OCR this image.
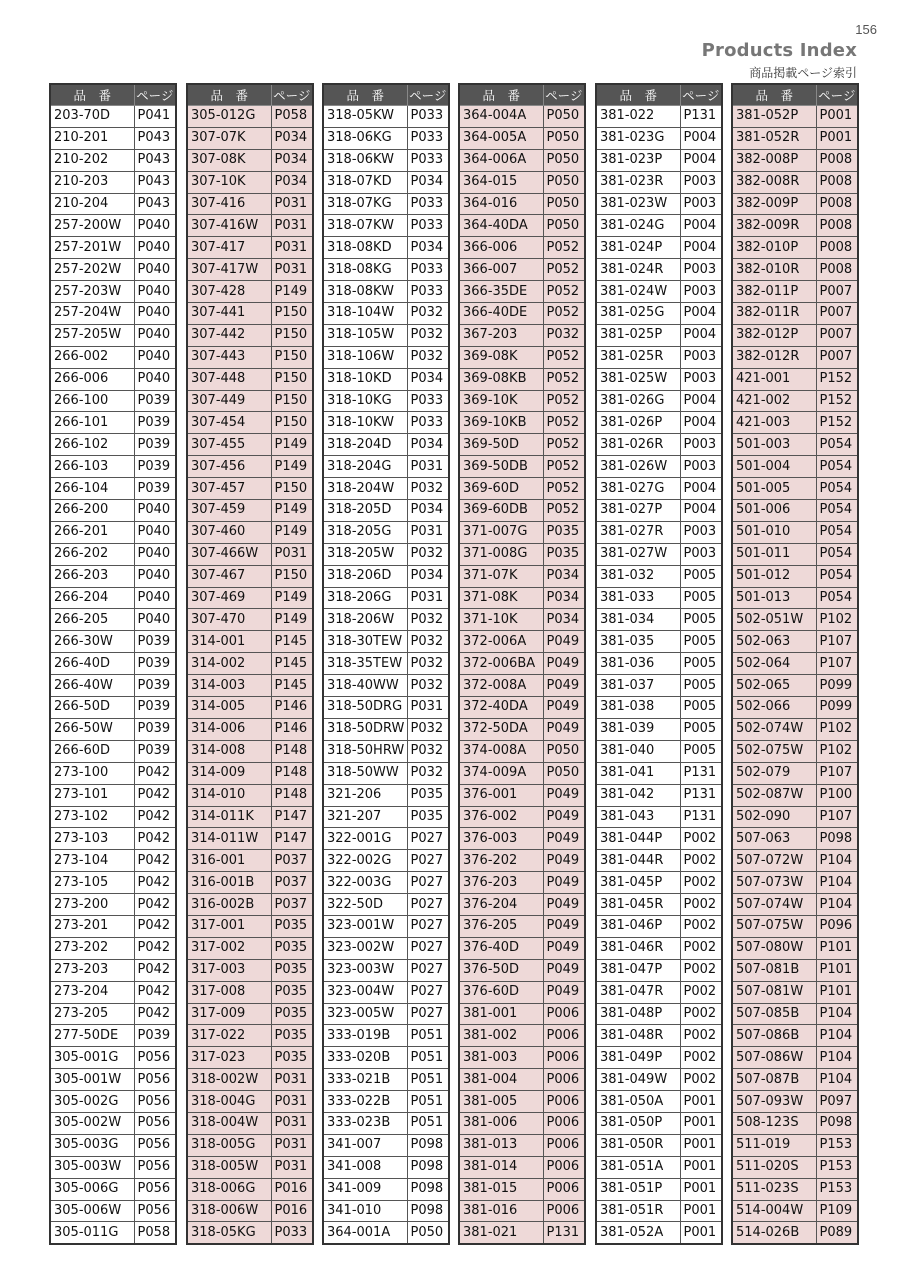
156
Products Index
商品掲載ページ索引
品　番	ページ
203-70D	P041
210-201	P043
210-202	P043
210-203	P043
210-204	P043
257-200W	P040
257-201W	P040
257-202W	P040
257-203W	P040
257-204W	P040
257-205W	P040
266-002	P040
266-006	P040
266-100	P039
266-101	P039
266-102	P039
266-103	P039
266-104	P039
266-200	P040
266-201	P040
266-202	P040
266-203	P040
266-204	P040
266-205	P040
266-30W	P039
266-40D	P039
266-40W	P039
266-50D	P039
266-50W	P039
266-60D	P039
273-100	P042
273-101	P042
273-102	P042
273-103	P042
273-104	P042
273-105	P042
273-200	P042
273-201	P042
273-202	P042
273-203	P042
273-204	P042
273-205	P042
277-50DE	P039
305-001G	P056
305-001W	P056
305-002G	P056
305-002W	P056
305-003G	P056
305-003W	P056
305-006G	P056
305-006W	P056
305-011G	P058
品　番	ページ
305-012G	P058
307-07K	P034
307-08K	P034
307-10K	P034
307-416	P031
307-416W	P031
307-417	P031
307-417W	P031
307-428	P149
307-441	P150
307-442	P150
307-443	P150
307-448	P150
307-449	P150
307-454	P150
307-455	P149
307-456	P149
307-457	P150
307-459	P149
307-460	P149
307-466W	P031
307-467	P150
307-469	P149
307-470	P149
314-001	P145
314-002	P145
314-003	P145
314-005	P146
314-006	P146
314-008	P148
314-009	P148
314-010	P148
314-011K	P147
314-011W	P147
316-001	P037
316-001B	P037
316-002B	P037
317-001	P035
317-002	P035
317-003	P035
317-008	P035
317-009	P035
317-022	P035
317-023	P035
318-002W	P031
318-004G	P031
318-004W	P031
318-005G	P031
318-005W	P031
318-006G	P016
318-006W	P016
318-05KG	P033
品　番	ページ
318-05KW	P033
318-06KG	P033
318-06KW	P033
318-07KD	P034
318-07KG	P033
318-07KW	P033
318-08KD	P034
318-08KG	P033
318-08KW	P033
318-104W	P032
318-105W	P032
318-106W	P032
318-10KD	P034
318-10KG	P033
318-10KW	P033
318-204D	P034
318-204G	P031
318-204W	P032
318-205D	P034
318-205G	P031
318-205W	P032
318-206D	P034
318-206G	P031
318-206W	P032
318-30TEW	P032
318-35TEW	P032
318-40WW	P032
318-50DRG	P031
318-50DRW	P032
318-50HRW	P032
318-50WW	P032
321-206	P035
321-207	P035
322-001G	P027
322-002G	P027
322-003G	P027
322-50D	P027
323-001W	P027
323-002W	P027
323-003W	P027
323-004W	P027
323-005W	P027
333-019B	P051
333-020B	P051
333-021B	P051
333-022B	P051
333-023B	P051
341-007	P098
341-008	P098
341-009	P098
341-010	P098
364-001A	P050
品　番	ページ
364-004A	P050
364-005A	P050
364-006A	P050
364-015	P050
364-016	P050
364-40DA	P050
366-006	P052
366-007	P052
366-35DE	P052
366-40DE	P052
367-203	P032
369-08K	P052
369-08KB	P052
369-10K	P052
369-10KB	P052
369-50D	P052
369-50DB	P052
369-60D	P052
369-60DB	P052
371-007G	P035
371-008G	P035
371-07K	P034
371-08K	P034
371-10K	P034
372-006A	P049
372-006BA	P049
372-008A	P049
372-40DA	P049
372-50DA	P049
374-008A	P050
374-009A	P050
376-001	P049
376-002	P049
376-003	P049
376-202	P049
376-203	P049
376-204	P049
376-205	P049
376-40D	P049
376-50D	P049
376-60D	P049
381-001	P006
381-002	P006
381-003	P006
381-004	P006
381-005	P006
381-006	P006
381-013	P006
381-014	P006
381-015	P006
381-016	P006
381-021	P131
品　番	ページ
381-022	P131
381-023G	P004
381-023P	P004
381-023R	P003
381-023W	P003
381-024G	P004
381-024P	P004
381-024R	P003
381-024W	P003
381-025G	P004
381-025P	P004
381-025R	P003
381-025W	P003
381-026G	P004
381-026P	P004
381-026R	P003
381-026W	P003
381-027G	P004
381-027P	P004
381-027R	P003
381-027W	P003
381-032	P005
381-033	P005
381-034	P005
381-035	P005
381-036	P005
381-037	P005
381-038	P005
381-039	P005
381-040	P005
381-041	P131
381-042	P131
381-043	P131
381-044P	P002
381-044R	P002
381-045P	P002
381-045R	P002
381-046P	P002
381-046R	P002
381-047P	P002
381-047R	P002
381-048P	P002
381-048R	P002
381-049P	P002
381-049W	P002
381-050A	P001
381-050P	P001
381-050R	P001
381-051A	P001
381-051P	P001
381-051R	P001
381-052A	P001
品　番	ページ
381-052P	P001
381-052R	P001
382-008P	P008
382-008R	P008
382-009P	P008
382-009R	P008
382-010P	P008
382-010R	P008
382-011P	P007
382-011R	P007
382-012P	P007
382-012R	P007
421-001	P152
421-002	P152
421-003	P152
501-003	P054
501-004	P054
501-005	P054
501-006	P054
501-010	P054
501-011	P054
501-012	P054
501-013	P054
502-051W	P102
502-063	P107
502-064	P107
502-065	P099
502-066	P099
502-074W	P102
502-075W	P102
502-079	P107
502-087W	P100
502-090	P107
507-063	P098
507-072W	P104
507-073W	P104
507-074W	P104
507-075W	P096
507-080W	P101
507-081B	P101
507-081W	P101
507-085B	P104
507-086B	P104
507-086W	P104
507-087B	P104
507-093W	P097
508-123S	P098
511-019	P153
511-020S	P153
511-023S	P153
514-004W	P109
514-026B	P089
